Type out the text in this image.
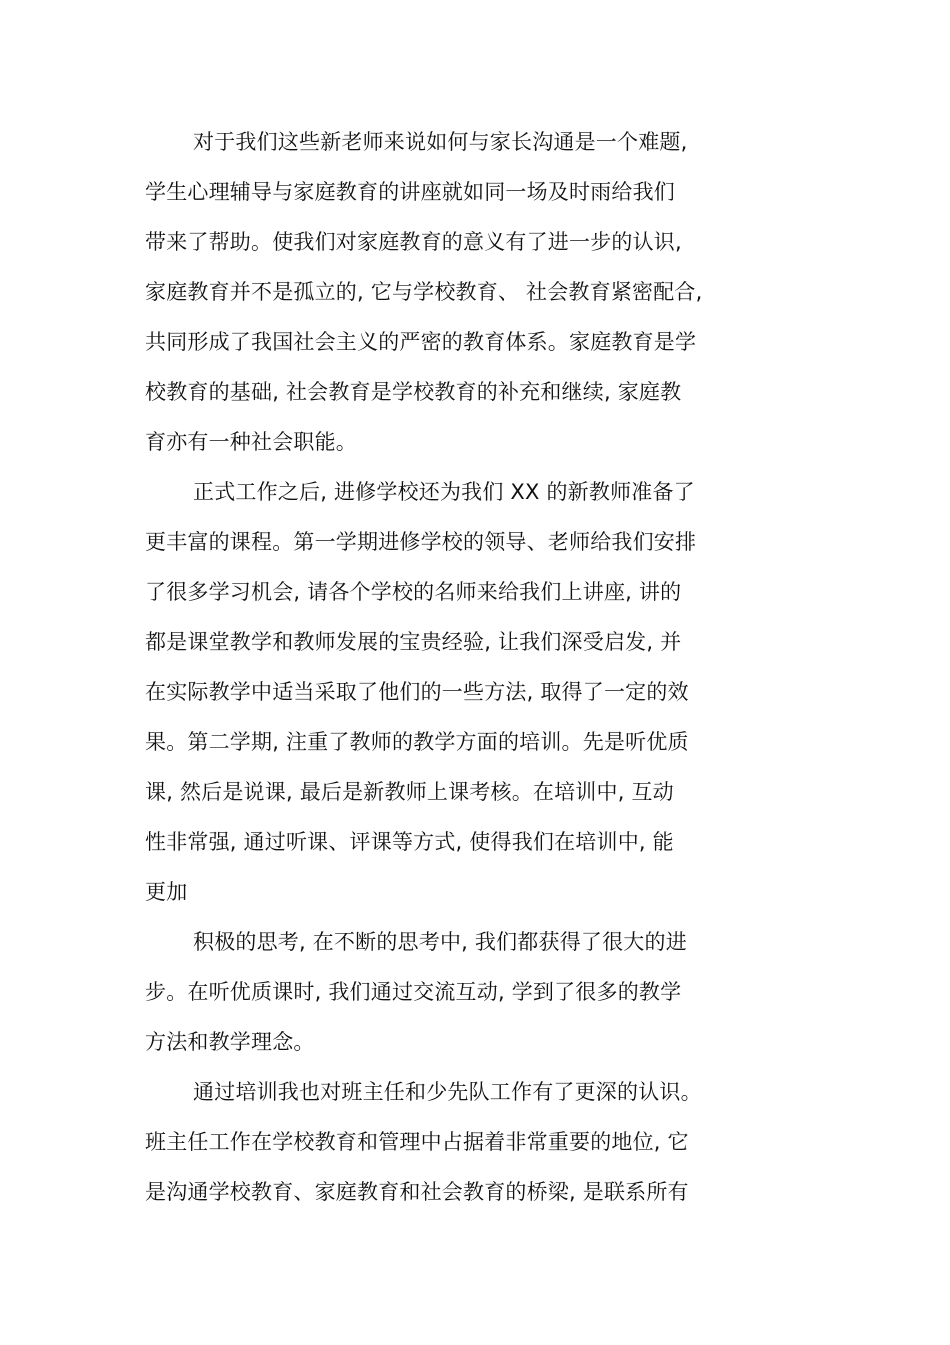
对于我们这些新老师来说如何与家长沟通是一个难题,
学生心理辅导与家庭教育的讲座就如同一场及时雨给我们
带来了帮助。使我们对家庭教育的意义有了进一步的认识,
家庭教育并不是孤立的, 它与学校教育、 社会教育紧密配合,
共同形成了我国社会主义的严密的教育体系。家庭教育是学
校教育的基础, 社会教育是学校教育的补充和继续, 家庭教
育亦有一种社会职能。
正式工作之后, 进修学校还为我们 XX 的新教师准备了
更丰富的课程。第一学期进修学校的领导、老师给我们安排
了很多学习机会, 请各个学校的名师来给我们上讲座, 讲的
都是课堂教学和教师发展的宝贵经验, 让我们深受启发, 并
在实际教学中适当采取了他们的一些方法, 取得了一定的效
果。第二学期, 注重了教师的教学方面的培训。先是听优质
课, 然后是说课, 最后是新教师上课考核。在培训中, 互动
性非常强, 通过听课、评课等方式, 使得我们在培训中, 能
更加
积极的思考, 在不断的思考中, 我们都获得了很大的进
步。在听优质课时, 我们通过交流互动, 学到了很多的教学
方法和教学理念。
通过培训我也对班主任和少先队工作有了更深的认识。
班主任工作在学校教育和管理中占据着非常重要的地位, 它
是沟通学校教育、家庭教育和社会教育的桥梁, 是联系所有
